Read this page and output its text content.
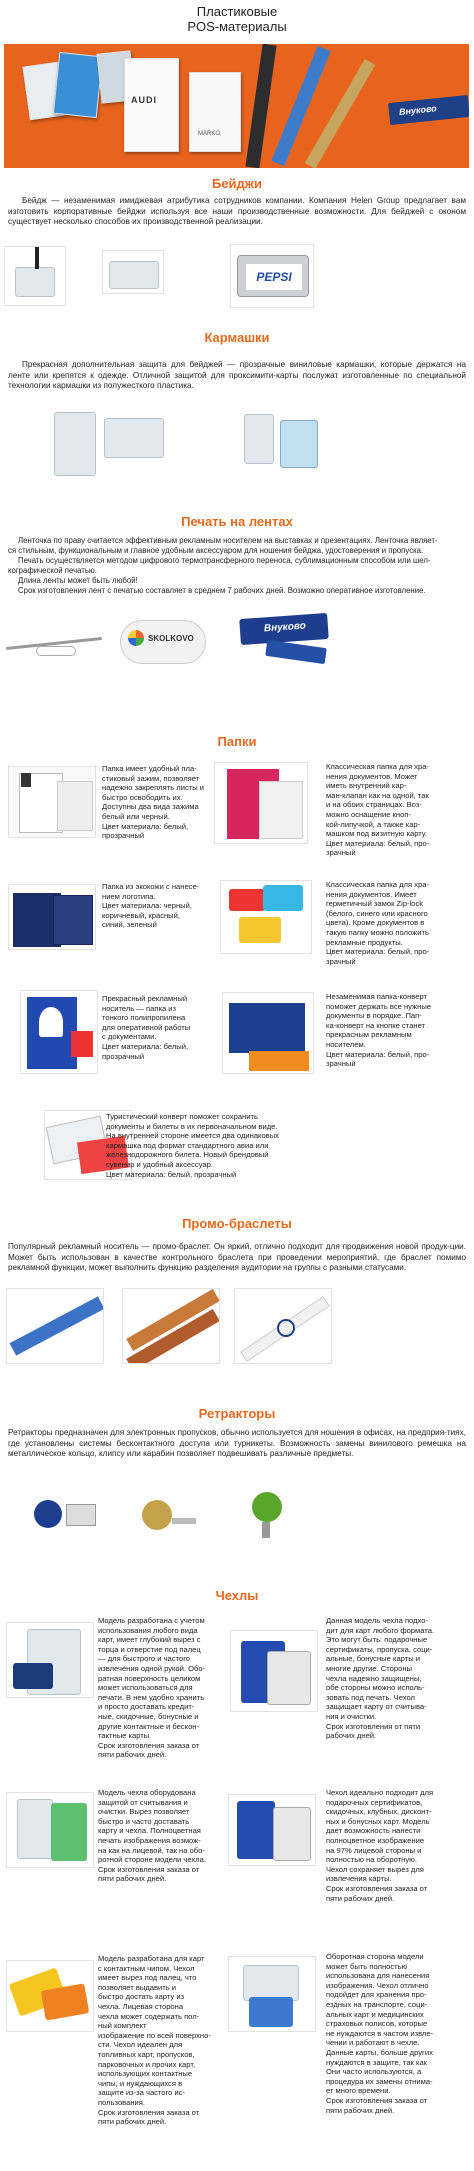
Пластиковые
POS-материалы
AUDI
MARKO
Внуково
Бейджи

Бейдж — незаменимая имиджевая атрибутика сотрудников компании. Компания Helen Group предлагает вам изготовить корпоративные бейджи используя все наши производственные возможности. Для бейджей с оконом существует несколько способов их производственной реализации.

PEPSI
Кармашки

Прекрасная дополнительная защита для бейджей — прозрачные виниловые кармашки, которые держатся на ленте или крепятся к одежде. Отличной защитой для проксимити-карты послужат изготовленные по специальной технологии кармашки из полужесткого пластика.

Печать на лентах
Ленточка по праву считается эффективным рекламным носителем на выставках и презентациях. Ленточка являет-
ся стильным, функциональным и главное удобным аксессуаром для ношения бейджа, удостоверения и пропуска.
Печать осуществляется методом цифрового термотрансферного переноса, сублимационным способом или шел-
кографической печатью.
Длина ленты может быть любой!
Срок изготовления лент с печатью составляет в среднем 7 рабочих дней. Возможно оперативное изготовление.
SKOLKOVO
Внуково
Папки

Папка имеет удобный пла-

стиковый зажим, позволяет

надежно закреплять листы и

быстро освободить их.

Доступны два вида зажима

белый или черный.

Цвет материала: белый,

прозрачный

Классическая папка для хра-

нения документов. Может

иметь внутренний кар-

ман-клапан как на одной, так

и на обоих страницах. Воз-

можно оснащение кноп-

кой-липучкой, а также кар-

машком под визитную карту.

Цвет материала: белый, про-

зрачный

Папка из экокожи с нанесе-

нием логотипа.

Цвет материала: черный,

коричневый, красный,

синий, зеленый

Классическая папка для хра-

нения документов. Имеет

герметичный замок Zip-lock

(белого, синего или красного

цвета). Кроме документов в

такую папку можно положить

рекламные продукты.

Цвет материала: белый, про-

зрачный

Прекрасный рекламный

носитель — папка из

тонкого полипропилена

для оперативной работы

с документами.

Цвет материала: белый,

прозрачный

Незаменимая папка-конверт

поможет держать все нужные

документы в порядке. Пап-

ка-конверт на кнопке станет

прекрасным рекламным

носителем.

Цвет материала: белый, про-

зрачный

Туристический конверт поможет сохранить

документы и билеты в их первоначальном виде.

На внутренней стороне имеется два одинаковых

кармашка под формат стандартного авиа или

железнодорожного билета. Новый брендовый

сувенир и удобный аксессуар.

Цвет материала: белый, прозрачный

Промо-браслеты

Популярный рекламный носитель — промо-браслет. Он яркий, отлично подходит для продвижения новой продук-ции. Может быть использован в качестве контрольного браслета при проведении мероприятий, где браслет помимо рекламной функции, может выполнить функцию разделения аудитории на группы с разными статусами.

Ретракторы

Ретракторы предназначен для электронных пропусков, обычно используется для ношения в офисах, на предприя-тиях, где установлены системы бесконтактного доступа или турникеты. Возможность замены винилового ремешка на металлическое кольцо, клипсу или карабин позволяет подвешивать различные предметы.

Чехлы

Модель разработана с учетом

использования любого вида

карт, имеет глубокий вырез с

торца и отверстие под палец

— для быстрого и частого

извлечения одной рукой. Обо-

ратная поверхность целиком

может использоваться для

печати. В нем удобно хранить

и просто доставать кредит-

ные, скидочные, бонусные и

другие контактные и бескон-

тактные карты

Срок изготовления заказа от

пяти рабочих дней.

Данная модель чехла подхо-

дит для карт любого формата.

Это могут быть: подарочные

сертификаты, пропуска, соци-

альные, бонусные карты и

многие другие. Стороны

чехла надежно защищены,

обе стороны можно исполь-

зовать под печать. Чехол

защищает карту от считыва-

ния и очистки.

Срок изготовления от пяти

рабочих дней.

Модель чехла оборудована

защитой от считывания и

очистки. Вырез позволяет

быстро и часто доставать

карту и чехла. Полноцветная

печать изображения возмож-

на как на лицевой, так на обо-

ротной стороне модели чехла.

Срок изготовления заказа от

пяти рабочих дней.

Чехол идеально подходит для

подарочных сертификатов,

скидочных, клубных, дисконт-

ных и бонусных карт. Модель

дает возможность нанести

полноцветное изображение

на 97% лицевой стороны и

полностью на оборотную.

Чехол сохраняет вырез для

извлечения карты.

Срок изготовления заказа от

пяти рабочих дней.

Модель разработана для карт

с контактным чипом. Чехол

имеет вырез под палец, что

позволяет выдавить и

быстро достать карту из

чехла. Лицевая сторона

чехла может содержать пол-

ный комплект

изображение по всей поверхно-

сти. Чехол идеален для

топливных карт, пропусков,

парковочных и прочих карт,

использующих контактные

чипы, и нуждающихся в

защите из-за частого ис-

пользования.

Срок изготовления заказа от

пяти рабочих дней.

Оборотная сторона модели

может быть полностью

использована для нанесения

изображения. Чехол отлично

подойдет для хранения про-

ездных на транспорте, соци-

альных карт и медицинских

страховых полисов, которые

не нуждаются в частом извле-

чении и работают в чехле.

Данные карты, больше других

нуждаются в защите, так как

Они часто используются, а

процедура их замены отнима-

ет много времени.

Срок изготовления заказа от

пяти рабочих дней.
